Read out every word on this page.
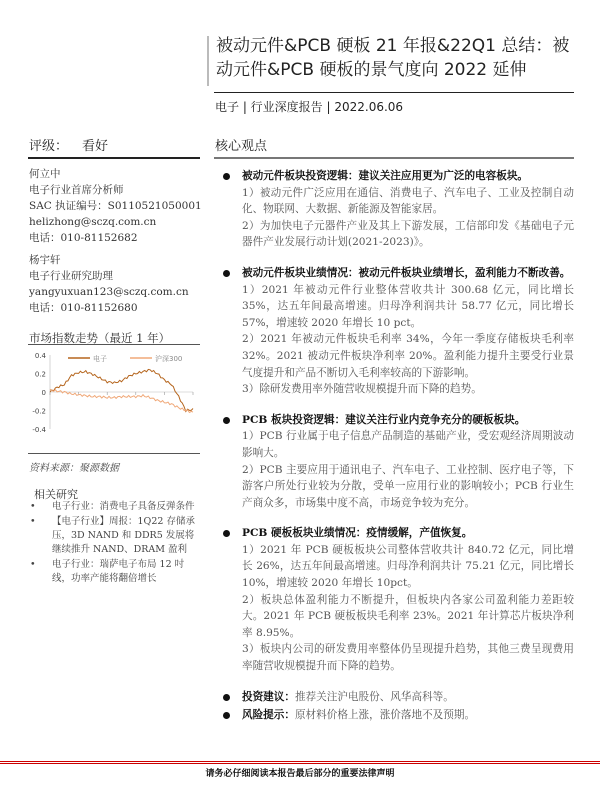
被动元件&PCB 硬板 21 年报&22Q1 总结：被动元件&PCB 硬板的景气度向 2022 延伸
电子 | 行业深度报告 | 2022.06.06
评级： 看好	核心观点
何立中
电子行业首席分析师
SAC 执证编号：S0110521050001
helizhong@sczq.com.cn
电话：010-81152682
杨宇轩
电子行业研究助理
yangyuxuan123@sczq.com.cn
电话：010-81152680
市场指数走势（最近 1 年）
0.4
0.2
0
-0.2
-0.4
电子	沪深300
资料来源：聚源数据
相关研究
• 电子行业：消费电子具备反弹条件
• 【电子行业】周报：1Q22 存储承压，3D NAND 和 DDR5 发展将继续推升 NAND、DRAM 盈利
• 电子行业：瑞萨电子布局 12 吋线，功率产能将翻倍增长
被动元件板块投资逻辑：建议关注应用更为广泛的电容板块。

1）被动元件广泛应用在通信、消费电子、汽车电子、工业及控制自动化、物联网、大数据、新能源及智能家居。

2）为加快电子元器件产业及其上下游发展，工信部印发《基础电子元器件产业发展行动计划(2021-2023)》。

被动元件板块业绩情况：被动元件板块业绩增长，盈利能力不断改善。

1）2021 年被动元件行业整体营收共计 300.68 亿元，同比增长 35%，达五年间最高增速。归母净利润共计 58.77 亿元，同比增长 57%，增速较 2020 年增长 10 pct。

2）2021 年被动元件板块毛利率 34%，今年一季度存储板块毛利率 32%。2021 被动元件板块净利率 20%。盈利能力提升主要受行业景气度提升和产品不断切入毛利率较高的下游影响。

3）除研发费用率外随营收规模提升而下降的趋势。

PCB 板块投资逻辑：建议关注行业内竞争充分的硬板板块。

1）PCB 行业属于电子信息产品制造的基础产业，受宏观经济周期波动影响大。

2）PCB 主要应用于通讯电子、汽车电子、工业控制、医疗电子等，下游客户所处行业较为分散，受单一应用行业的影响较小；PCB 行业生产商众多，市场集中度不高，市场竞争较为充分。

PCB 硬板板块业绩情况：疫情缓解，产值恢复。

1）2021 年 PCB 硬板板块公司整体营收共计 840.72 亿元，同比增长 26%，达五年间最高增速。归母净利润共计 75.21 亿元，同比增长 10%，增速较 2020 年增长 10pct。

2）板块总体盈利能力不断提升，但板块内各家公司盈利能力差距较大。2021 年 PCB 硬板板块毛利率 23%。2021 年计算芯片板块净利率 8.95%。

3）板块内公司的研发费用率整体仍呈现提升趋势，其他三费呈现费用率随营收规模提升而下降的趋势。

投资建议：推荐关注沪电股份、风华高科等。
风险提示：原材料价格上涨，涨价落地不及预期。
请务必仔细阅读本报告最后部分的重要法律声明
